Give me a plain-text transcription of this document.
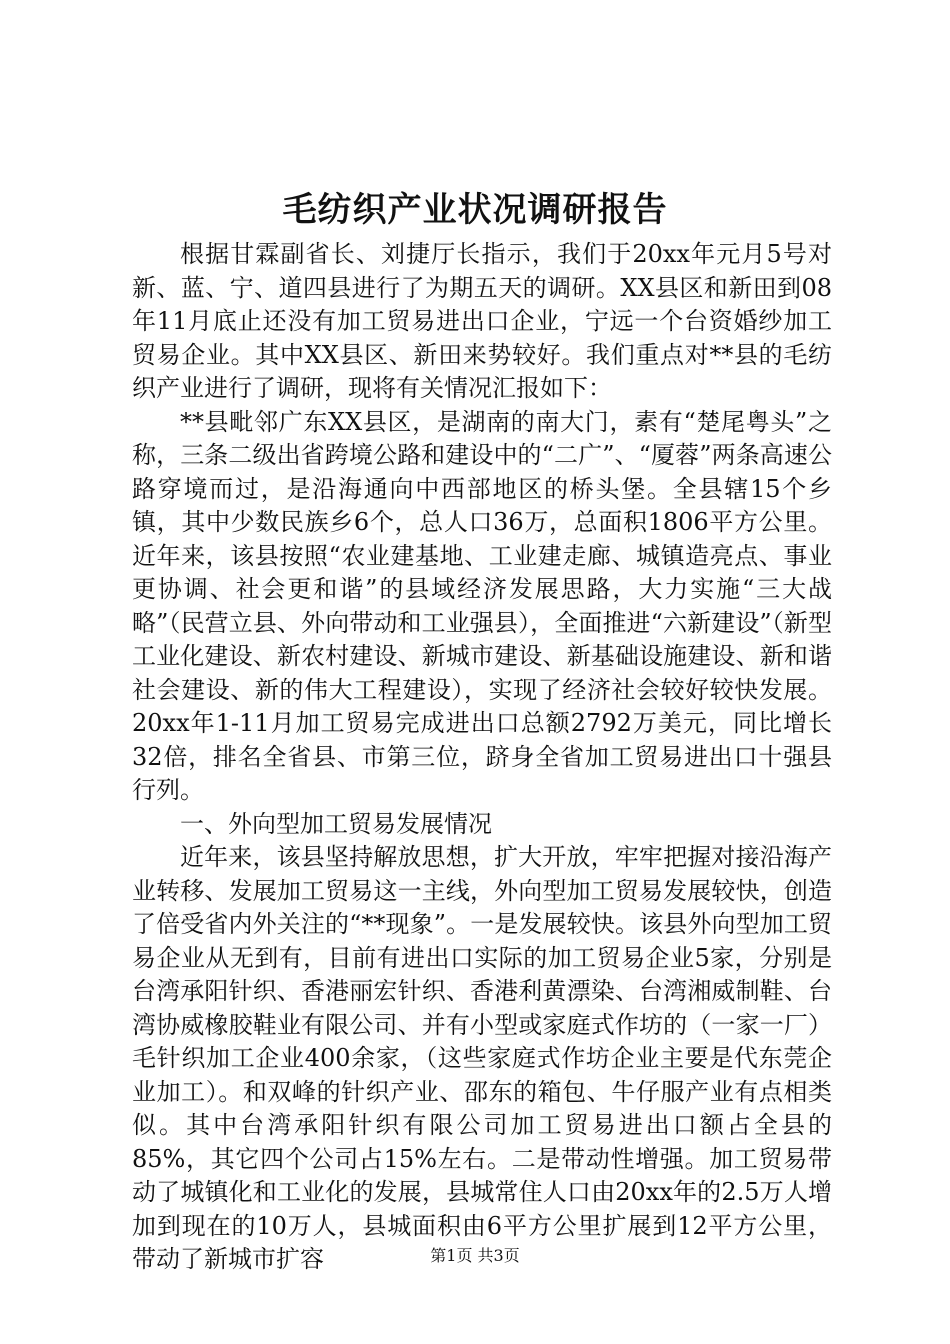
毛纺织产业状况调研报告

根据甘霖副省长、刘捷厅长指示，我们于20xx年元月5号对新、蓝、宁、道四县进行了为期五天的调研。XX县区和新田到08年11月底止还没有加工贸易进出口企业，宁远一个台资婚纱加工贸易企业。其中XX县区、新田来势较好。我们重点对**县的毛纺织产业进行了调研，现将有关情况汇报如下：

**县毗邻广东XX县区，是湖南的南大门，素有“楚尾粤头”之称，三条二级出省跨境公路和建设中的“二广”、“厦蓉”两条高速公路穿境而过，是沿海通向中西部地区的桥头堡。全县辖15个乡镇，其中少数民族乡6个，总人口36万，总面积1806平方公里。近年来，该县按照“农业建基地、工业建走廊、城镇造亮点、事业更协调、社会更和谐”的县域经济发展思路，大力实施“三大战略”（民营立县、外向带动和工业强县），全面推进“六新建设”（新型工业化建设、新农村建设、新城市建设、新基础设施建设、新和谐社会建设、新的伟大工程建设），实现了经济社会较好较快发展。20xx年1-11月加工贸易完成进出口总额2792万美元，同比增长32倍，排名全省县、市第三位，跻身全省加工贸易进出口十强县行列。

一、外向型加工贸易发展情况

近年来，该县坚持解放思想，扩大开放，牢牢把握对接沿海产业转移、发展加工贸易这一主线，外向型加工贸易发展较快，创造了倍受省内外关注的“**现象”。一是发展较快。该县外向型加工贸易企业从无到有，目前有进出口实际的加工贸易企业5家，分别是台湾承阳针织、香港丽宏针织、香港利黄漂染、台湾湘威制鞋、台湾协威橡胶鞋业有限公司、并有小型或家庭式作坊的（一家一厂）毛针织加工企业400余家，（这些家庭式作坊企业主要是代东莞企业加工）。和双峰的针织产业、邵东的箱包、牛仔服产业有点相类似。其中台湾承阳针织有限公司加工贸易进出口额占全县的85%，其它四个公司占15%左右。二是带动性增强。加工贸易带动了城镇化和工业化的发展，县城常住人口由20xx年的2.5万人增加到现在的10万人，县城面积由6平方公里扩展到12平方公里，带动了新城市扩容	第1页 共3页
